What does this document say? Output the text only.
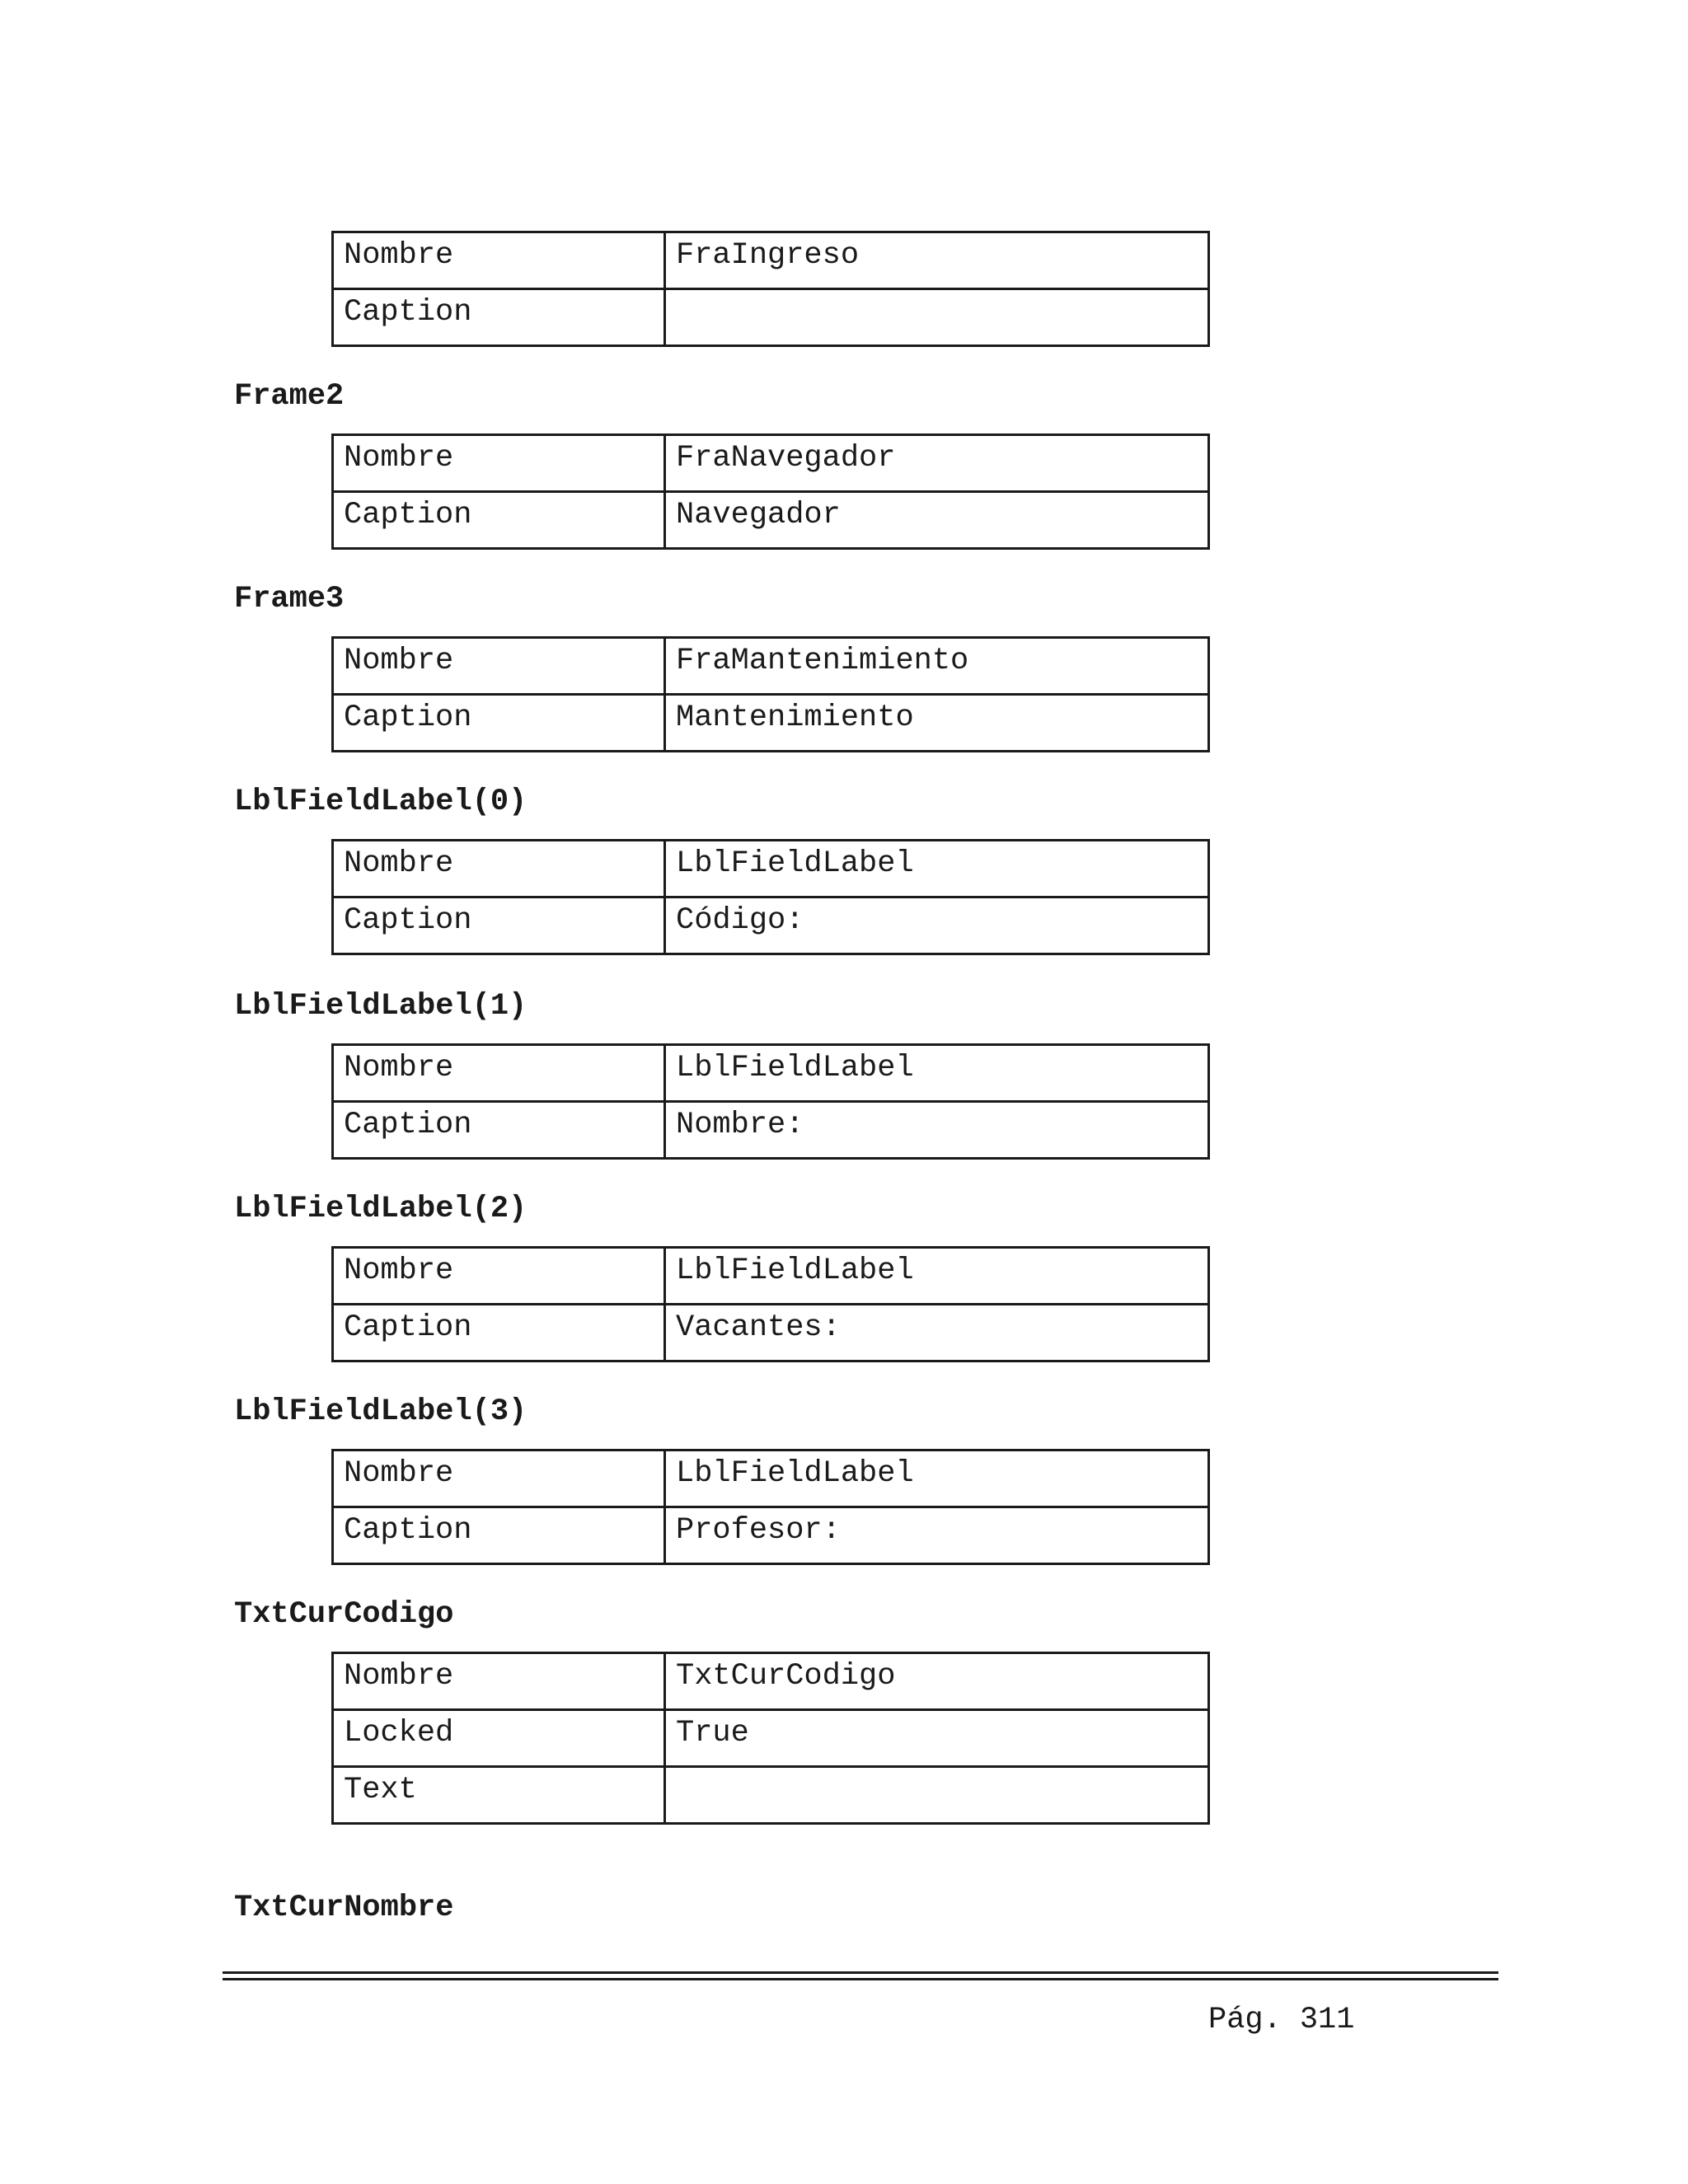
Nombre	FraIngreso
Caption	
Frame2
Nombre	FraNavegador
Caption	Navegador
Frame3
Nombre	FraMantenimiento
Caption	Mantenimiento
LblFieldLabel(0)
Nombre	LblFieldLabel
Caption	Código:
LblFieldLabel(1)
Nombre	LblFieldLabel
Caption	Nombre:
LblFieldLabel(2)
Nombre	LblFieldLabel
Caption	Vacantes:
LblFieldLabel(3)
Nombre	LblFieldLabel
Caption	Profesor:
TxtCurCodigo
Nombre	TxtCurCodigo
Locked	True
Text	
TxtCurNombre
Pág. 311
